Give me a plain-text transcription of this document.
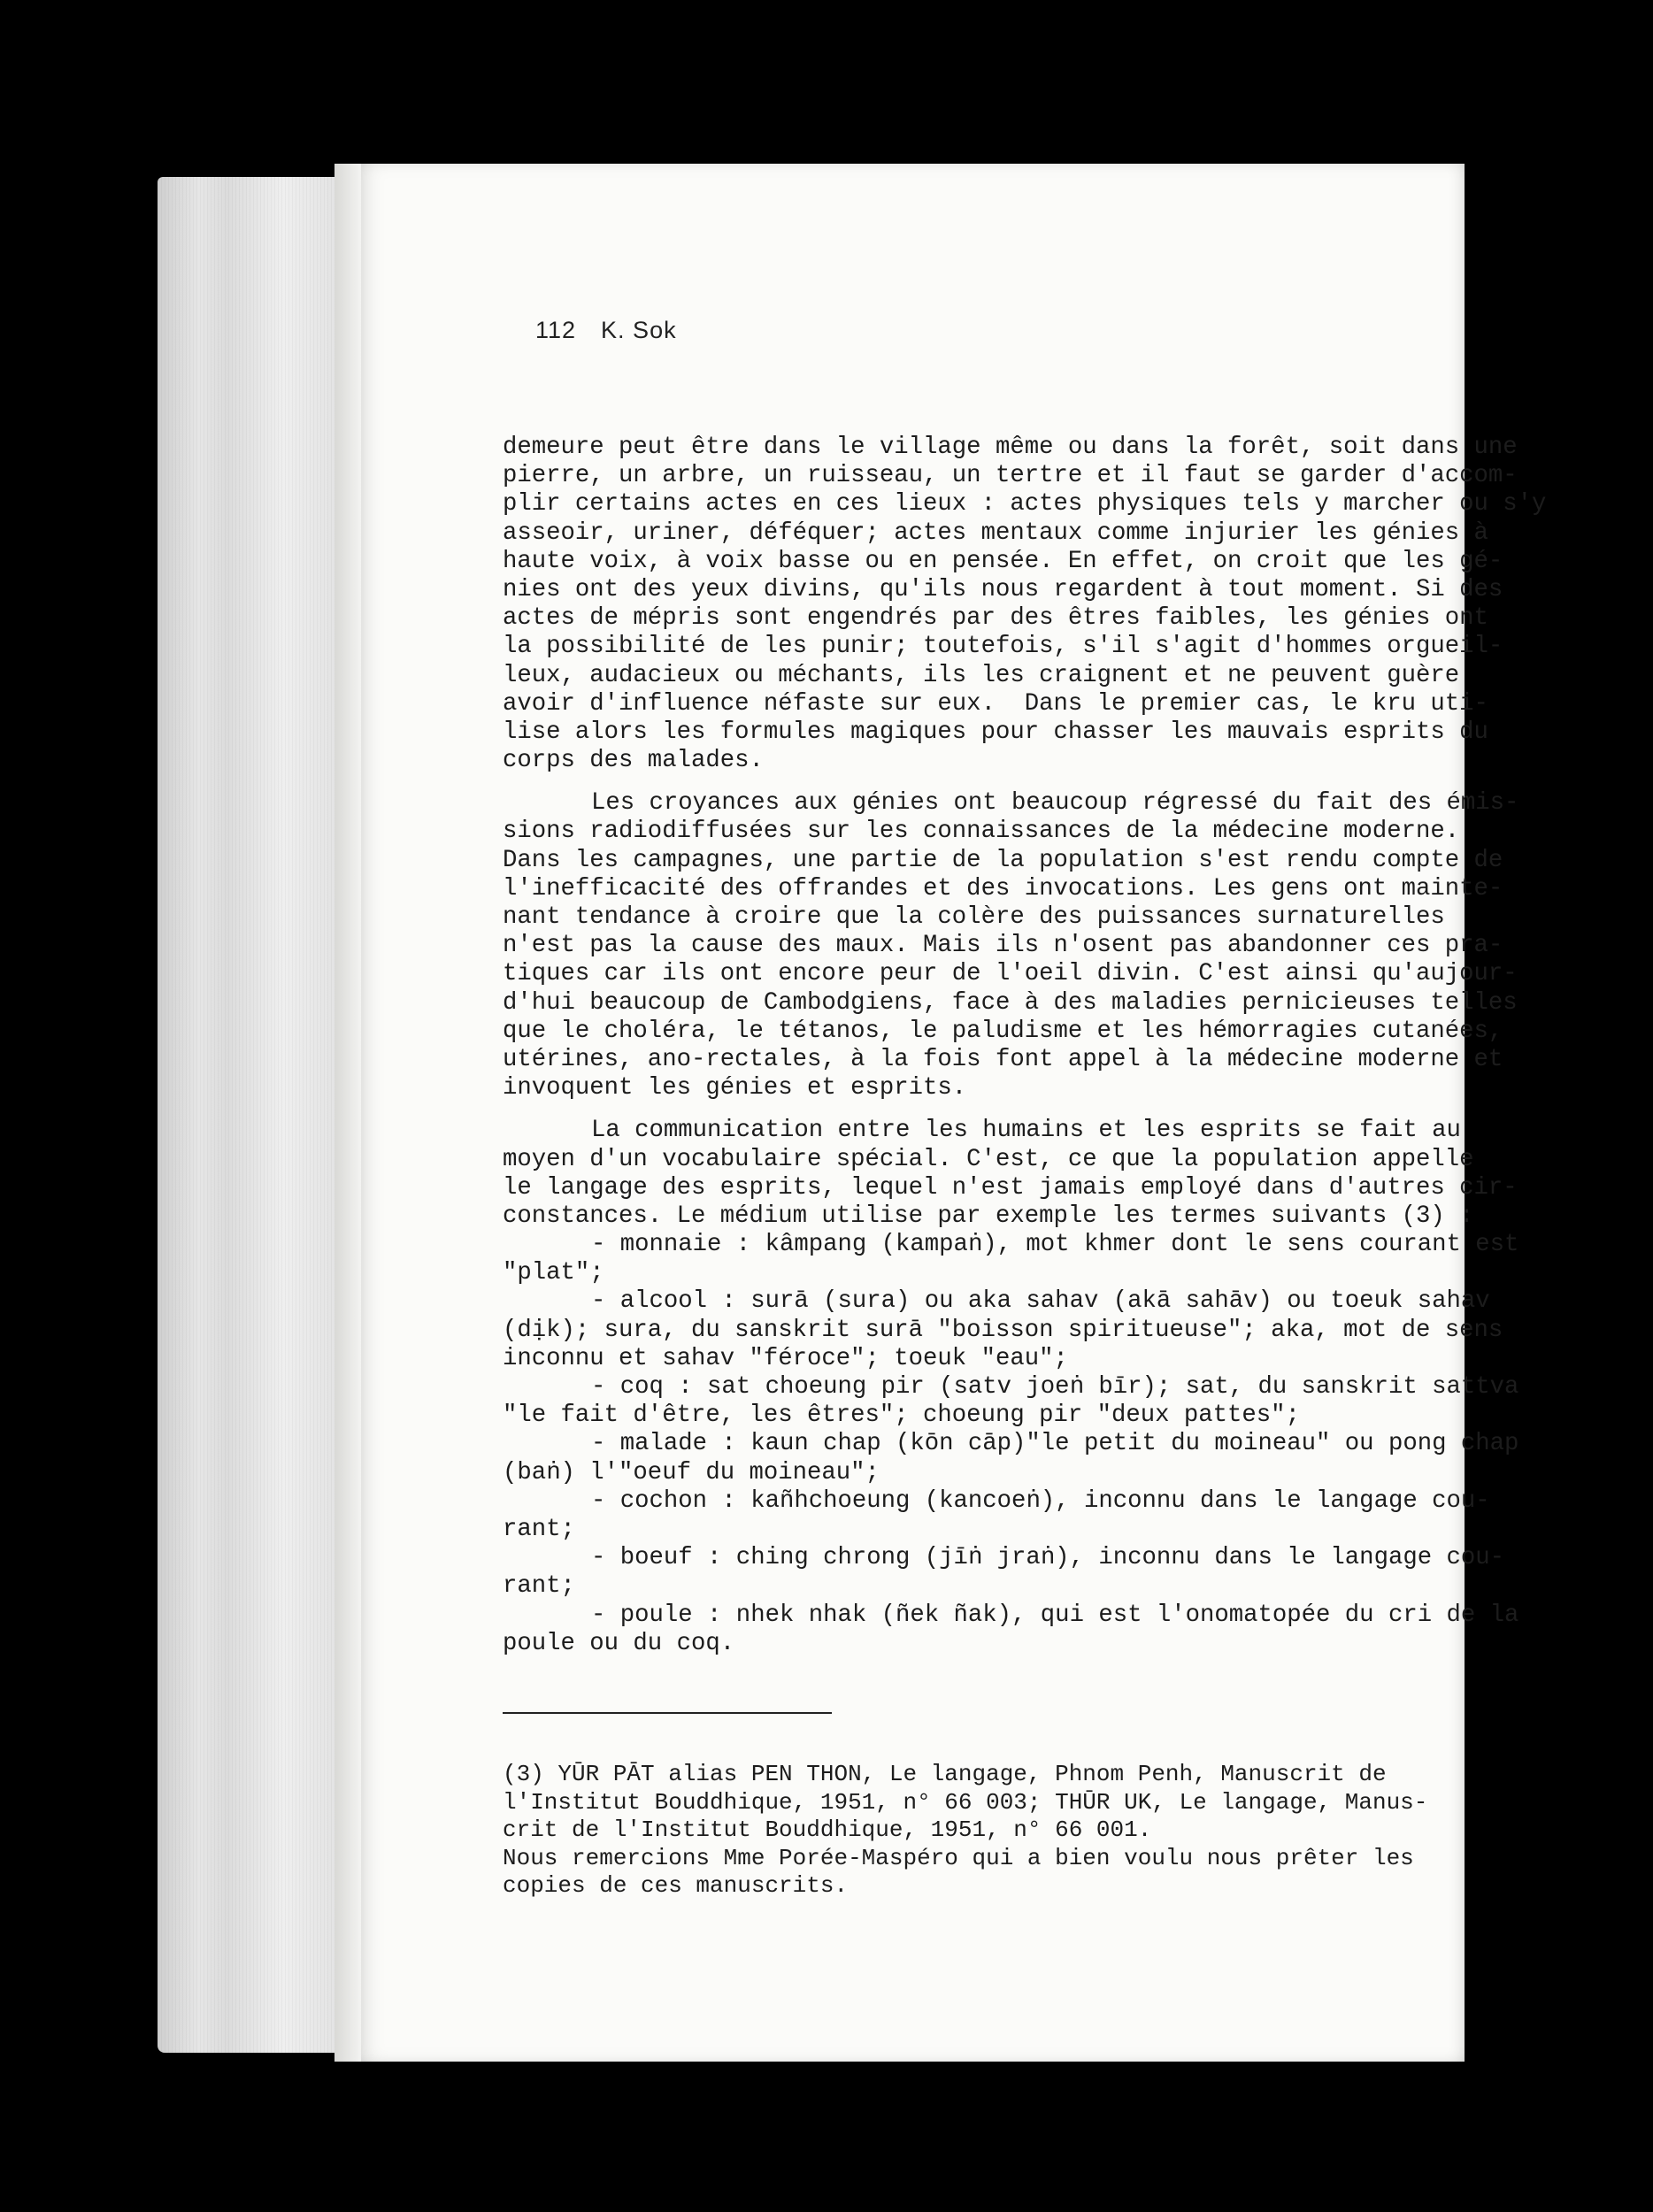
112 K. Sok
demeure peut être dans le village même ou dans la forêt, soit dans une
pierre, un arbre, un ruisseau, un tertre et il faut se garder d'accom-
plir certains actes en ces lieux : actes physiques tels y marcher ou s'y
asseoir, uriner, déféquer; actes mentaux comme injurier les génies à
haute voix, à voix basse ou en pensée. En effet, on croit que les gé-
nies ont des yeux divins, qu'ils nous regardent à tout moment. Si des
actes de mépris sont engendrés par des êtres faibles, les génies ont
la possibilité de les punir; toutefois, s'il s'agit d'hommes orgueil-
leux, audacieux ou méchants, ils les craignent et ne peuvent guère
avoir d'influence néfaste sur eux.  Dans le premier cas, le kru uti-
lise alors les formules magiques pour chasser les mauvais esprits du
corps des malades.
Les croyances aux génies ont beaucoup régressé du fait des émis-
sions radiodiffusées sur les connaissances de la médecine moderne.
Dans les campagnes, une partie de la population s'est rendu compte de
l'inefficacité des offrandes et des invocations. Les gens ont mainte-
nant tendance à croire que la colère des puissances surnaturelles
n'est pas la cause des maux. Mais ils n'osent pas abandonner ces pra-
tiques car ils ont encore peur de l'oeil divin. C'est ainsi qu'aujour-
d'hui beaucoup de Cambodgiens, face à des maladies pernicieuses telles
que le choléra, le tétanos, le paludisme et les hémorragies cutanées,
utérines, ano-rectales, à la fois font appel à la médecine moderne et
invoquent les génies et esprits.
La communication entre les humains et les esprits se fait au
moyen d'un vocabulaire spécial. C'est, ce que la population appelle
le langage des esprits, lequel n'est jamais employé dans d'autres cir-
constances. Le médium utilise par exemple les termes suivants (3) :
- monnaie : kâmpang (kampaṅ), mot khmer dont le sens courant est
"plat";
- alcool : surā (sura) ou aka sahav (akā sahāv) ou toeuk sahav
(dịk); sura, du sanskrit surā "boisson spiritueuse"; aka, mot de sens
inconnu et sahav "féroce"; toeuk "eau";
- coq : sat choeung pir (satv joeṅ bīr); sat, du sanskrit sattva
"le fait d'être, les êtres"; choeung pir "deux pattes";
- malade : kaun chap (kōn cāp)"le petit du moineau" ou pong chap
(baṅ) l'"oeuf du moineau";
- cochon : kañhchoeung (kancoeṅ), inconnu dans le langage cou-
rant;
- boeuf : ching chrong (jīṅ jraṅ), inconnu dans le langage cou-
rant;
- poule : nhek nhak (ñek ñak), qui est l'onomatopée du cri de la
poule ou du coq.
(3) YŪR PĀT alias PEN THON, Le langage, Phnom Penh, Manuscrit de
l'Institut Bouddhique, 1951, n° 66 003; THŪR UK, Le langage, Manus-
crit de l'Institut Bouddhique, 1951, n° 66 001.
Nous remercions Mme Porée-Maspéro qui a bien voulu nous prêter les
copies de ces manuscrits.
